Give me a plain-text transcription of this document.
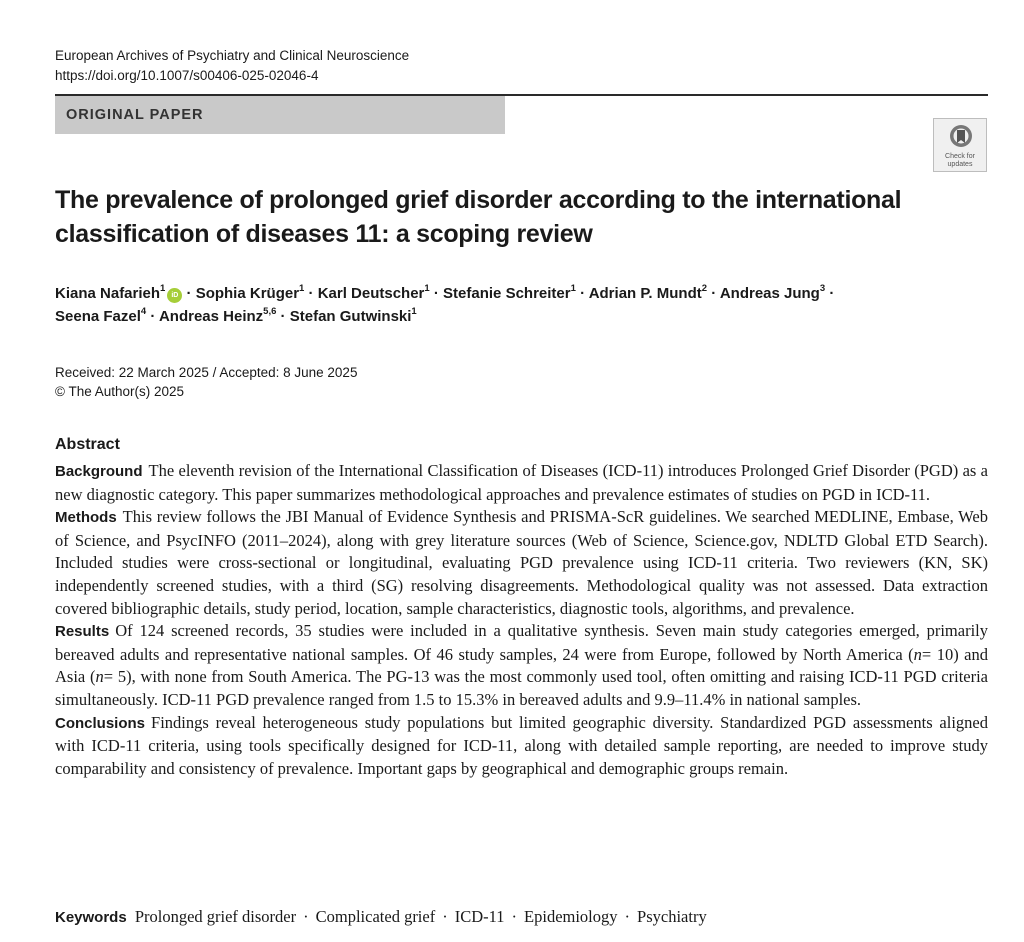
European Archives of Psychiatry and Clinical Neuroscience
https://doi.org/10.1007/s00406-025-02046-4
ORIGINAL PAPER
Check for
updates
The prevalence of prolonged grief disorder according to the international classification of diseases 11: a scoping review
Kiana Nafarieh$^1$iD · Sophia Krüger$^1$ · Karl Deutscher$^1$ · Stefanie Schreiter$^1$ · Adrian P. Mundt$^2$ · Andreas Jung$^3$ ·
Seena Fazel$^4$ · Andreas Heinz$^{5,6}$ · Stefan Gutwinski$^1$
Received: 22 March 2025 / Accepted: 8 June 2025
© The Author(s) 2025
Abstract

Background The eleventh revision of the International Classification of Diseases (ICD-11) introduces Prolonged Grief Disorder (PGD) as a new diagnostic category. This paper summarizes methodological approaches and prevalence estimates of studies on PGD in ICD-11.

Methods This review follows the JBI Manual of Evidence Synthesis and PRISMA-ScR guidelines. We searched MEDLINE, Embase, Web of Science, and PsycINFO (2011–2024), along with grey literature sources (Web of Science, Science.gov, NDLTD Global ETD Search). Included studies were cross-sectional or longitudinal, evaluating PGD prevalence using ICD-11 criteria. Two reviewers (KN, SK) independently screened studies, with a third (SG) resolving disagreements. Methodological quality was not assessed. Data extraction covered bibliographic details, study period, location, sample characteristics, diagnostic tools, algorithms, and prevalence.

Results Of 124 screened records, 35 studies were included in a qualitative synthesis. Seven main study categories emerged, primarily bereaved adults and representative national samples. Of 46 study samples, 24 were from Europe, followed by North America (n= 10) and Asia (n= 5), with none from South America. The PG-13 was the most commonly used tool, often omitting and raising ICD-11 PGD criteria simultaneously. ICD-11 PGD prevalence ranged from 1.5 to 15.3% in bereaved adults and 9.9–11.4% in national samples.

Conclusions Findings reveal heterogeneous study populations but limited geographic diversity. Standardized PGD assessments aligned with ICD-11 criteria, using tools specifically designed for ICD-11, along with detailed sample reporting, are needed to improve study comparability and consistency of prevalence. Important gaps by geographical and demographic groups remain.

Keywords Prolonged grief disorder · Complicated grief · ICD-11 · Epidemiology · Psychiatry
